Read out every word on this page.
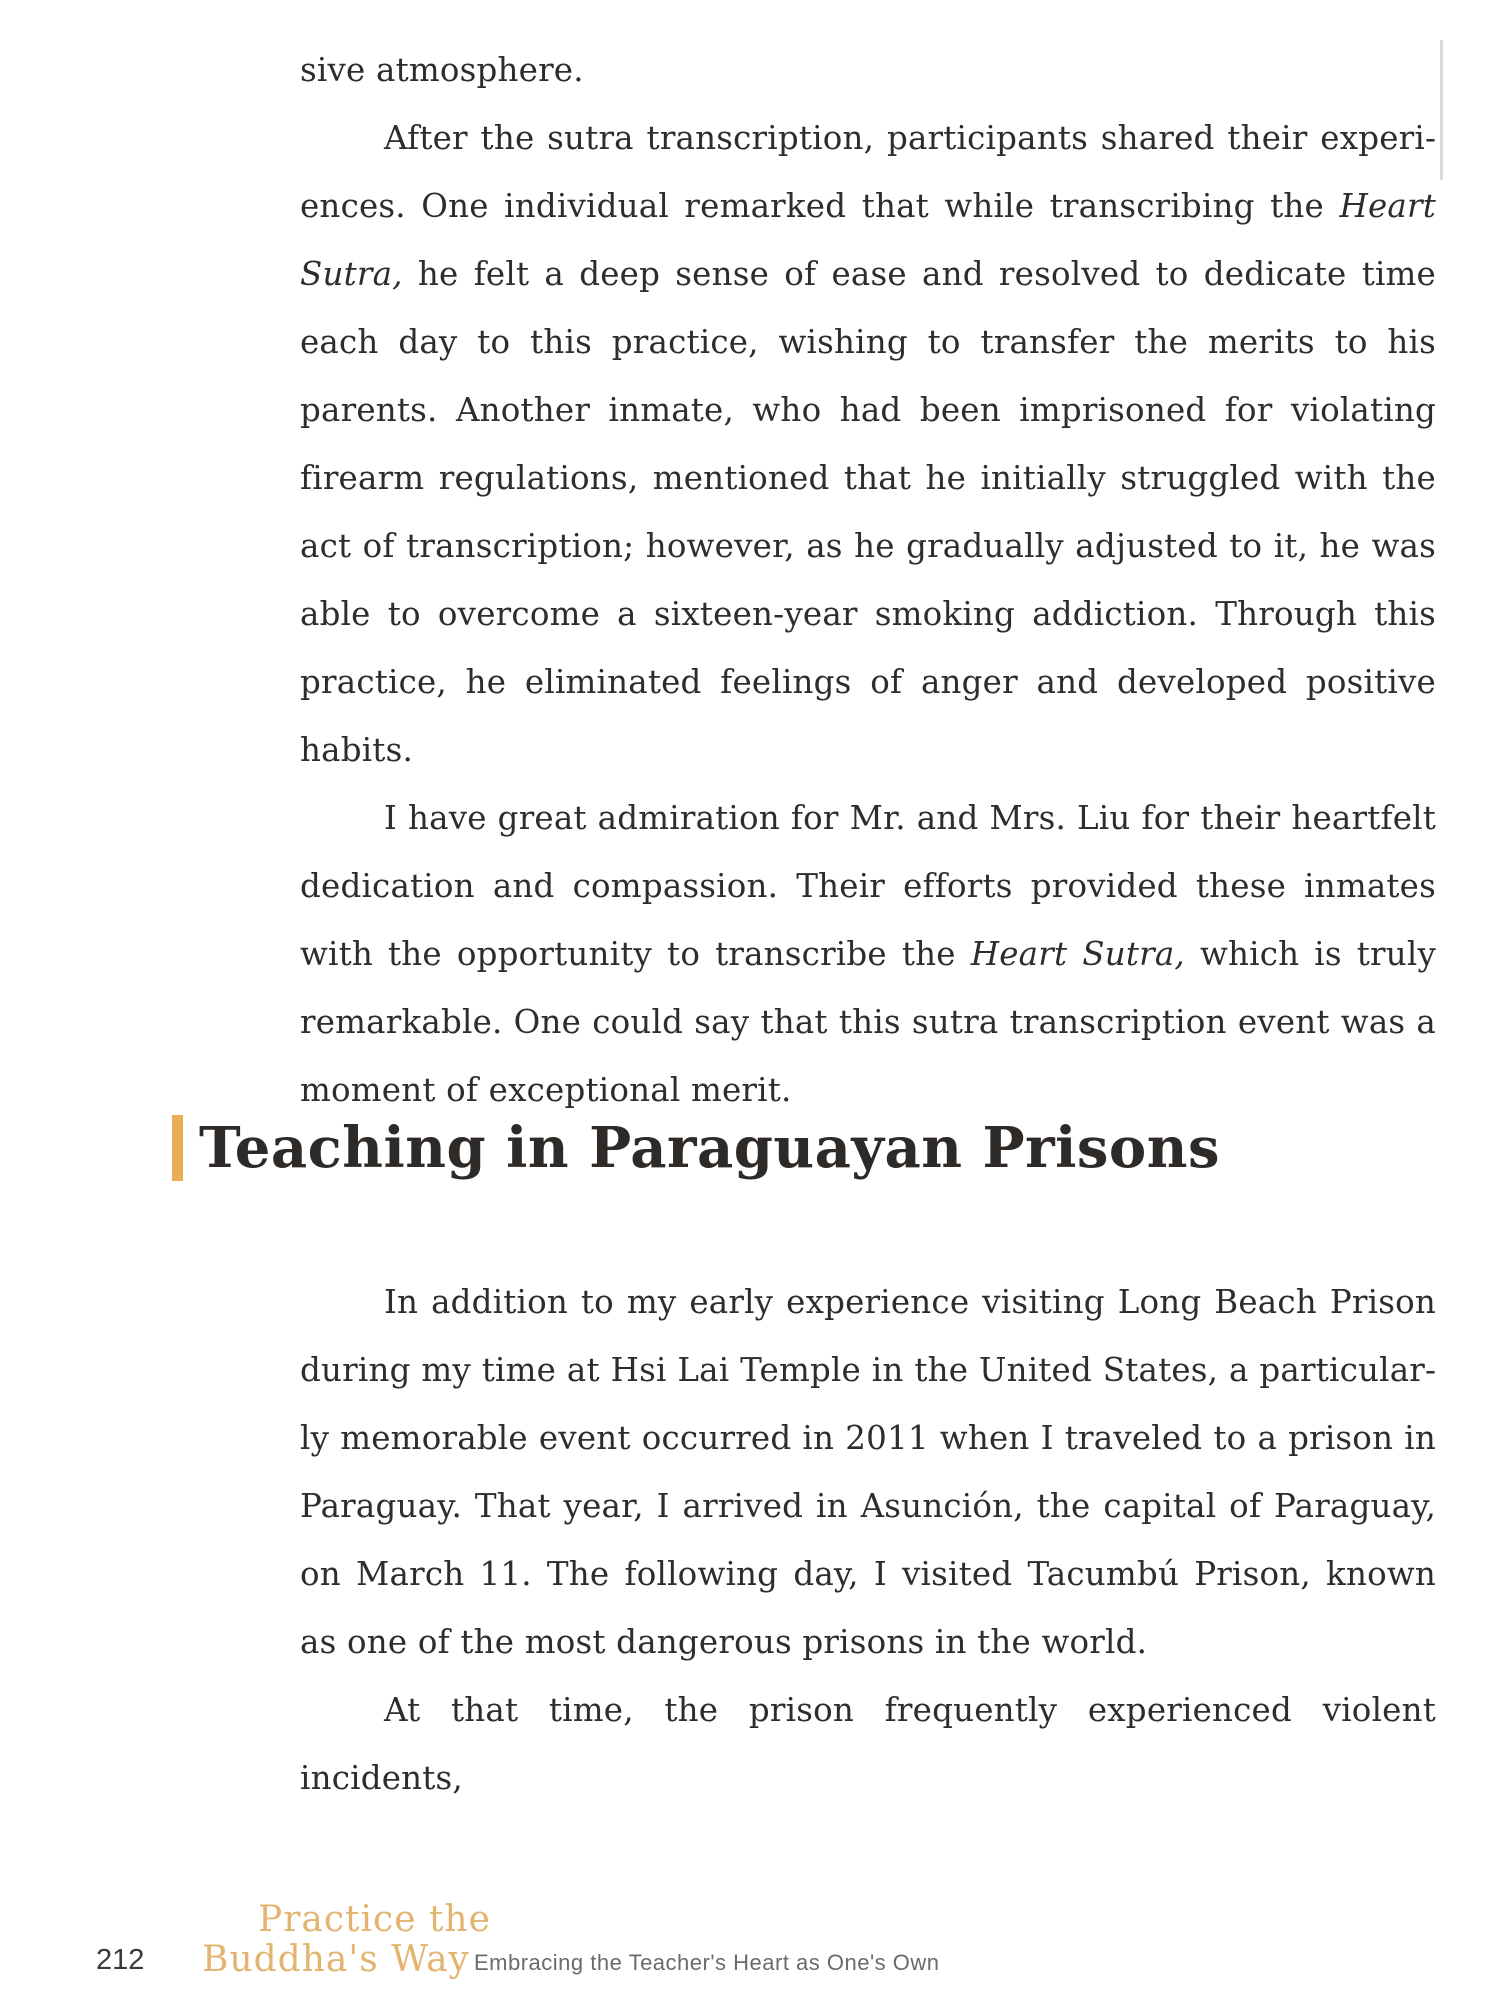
sive atmosphere.

After the sutra transcription, participants shared their experiences. One individual remarked that while transcribing the Heart Sutra, he felt a deep sense of ease and resolved to dedicate time each day to this practice, wishing to transfer the merits to his parents. Another inmate, who had been imprisoned for violating firearm regulations, mentioned that he initially struggled with the act of transcription; however, as he gradually adjusted to it, he was able to overcome a sixteen-year smoking addiction. Through this practice, he eliminated feelings of anger and developed positive habits.

I have great admiration for Mr. and Mrs. Liu for their heartfelt dedication and compassion. Their efforts provided these inmates with the opportunity to transcribe the Heart Sutra, which is truly remarkable. One could say that this sutra transcription event was a moment of exceptional merit.

Teaching in Paraguayan Prisons

In addition to my early experience visiting Long Beach Prison during my time at Hsi Lai Temple in the United States, a particularly memorable event occurred in 2011 when I traveled to a prison in Paraguay. That year, I arrived in Asunción, the capital of Paraguay, on March 11. The following day, I visited Tacumbú Prison, known as one of the most dangerous prisons in the world.

At that time, the prison frequently experienced violent incidents,

212
Practice the
Buddha's Way Embracing the Teacher's Heart as One's Own
